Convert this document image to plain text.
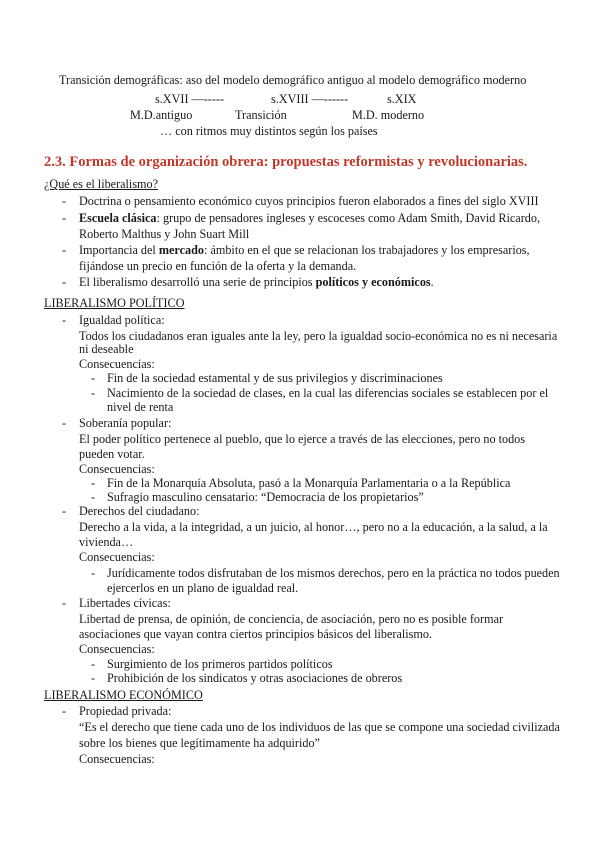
Transición demográficas: aso del modelo demográfico antiguo al modelo demográfico moderno
s.XVII —-----	s.XVIII —------	s.XIX
M.D.antiguo	Transición	M.D. moderno
… con ritmos muy distintos según los países
2.3. Formas de organización obrera: propuestas reformistas y revolucionarias.
¿Qué es el liberalismo?
- Doctrina o pensamiento económico cuyos principios fueron elaborados a fines del siglo XVIII
- Escuela clásica: grupo de pensadores ingleses y escoceses como Adam Smith, David Ricardo,
Roberto Malthus y John Suart Mill
- Importancia del mercado: ámbito en el que se relacionan los trabajadores y los empresarios,
fijándose un precio en función de la oferta y la demanda.
- El liberalismo desarrolló una serie de principios políticos y económicos.
LIBERALISMO POLÍTICO
- Igualdad política:
Todos los ciudadanos eran iguales ante la ley, pero la igualdad socio-económica no es ni necesaria
ni deseable
Consecuencias:
- Fin de la sociedad estamental y de sus privilegios y discriminaciones
- Nacimiento de la sociedad de clases, en la cual las diferencias sociales se establecen por el
nivel de renta
- Soberanía popular:
El poder político pertenece al pueblo, que lo ejerce a través de las elecciones, pero no todos
pueden votar.
Consecuencias:
- Fin de la Monarquía Absoluta, pasó a la Monarquía Parlamentaria o a la República
- Sufragio masculino censatario: “Democracia de los propietarios”
- Derechos del ciudadano:
Derecho a la vida, a la integridad, a un juicio, al honor…, pero no a la educación, a la salud, a la
vivienda…
Consecuencias:
- Jurídicamente todos disfrutaban de los mismos derechos, pero en la práctica no todos pueden
ejercerlos en un plano de igualdad real.
- Libertades cívicas:
Libertad de prensa, de opinión, de conciencia, de asociación, pero no es posible formar
asociaciones que vayan contra ciertos principios básicos del liberalismo.
Consecuencias:
- Surgimiento de los primeros partidos políticos
- Prohibición de los sindicatos y otras asociaciones de obreros
LIBERALISMO ECONÓMICO
- Propiedad privada:
“Es el derecho que tiene cada uno de los individuos de las que se compone una sociedad civilizada
sobre los bienes que legítimamente ha adquirido”
Consecuencias:
